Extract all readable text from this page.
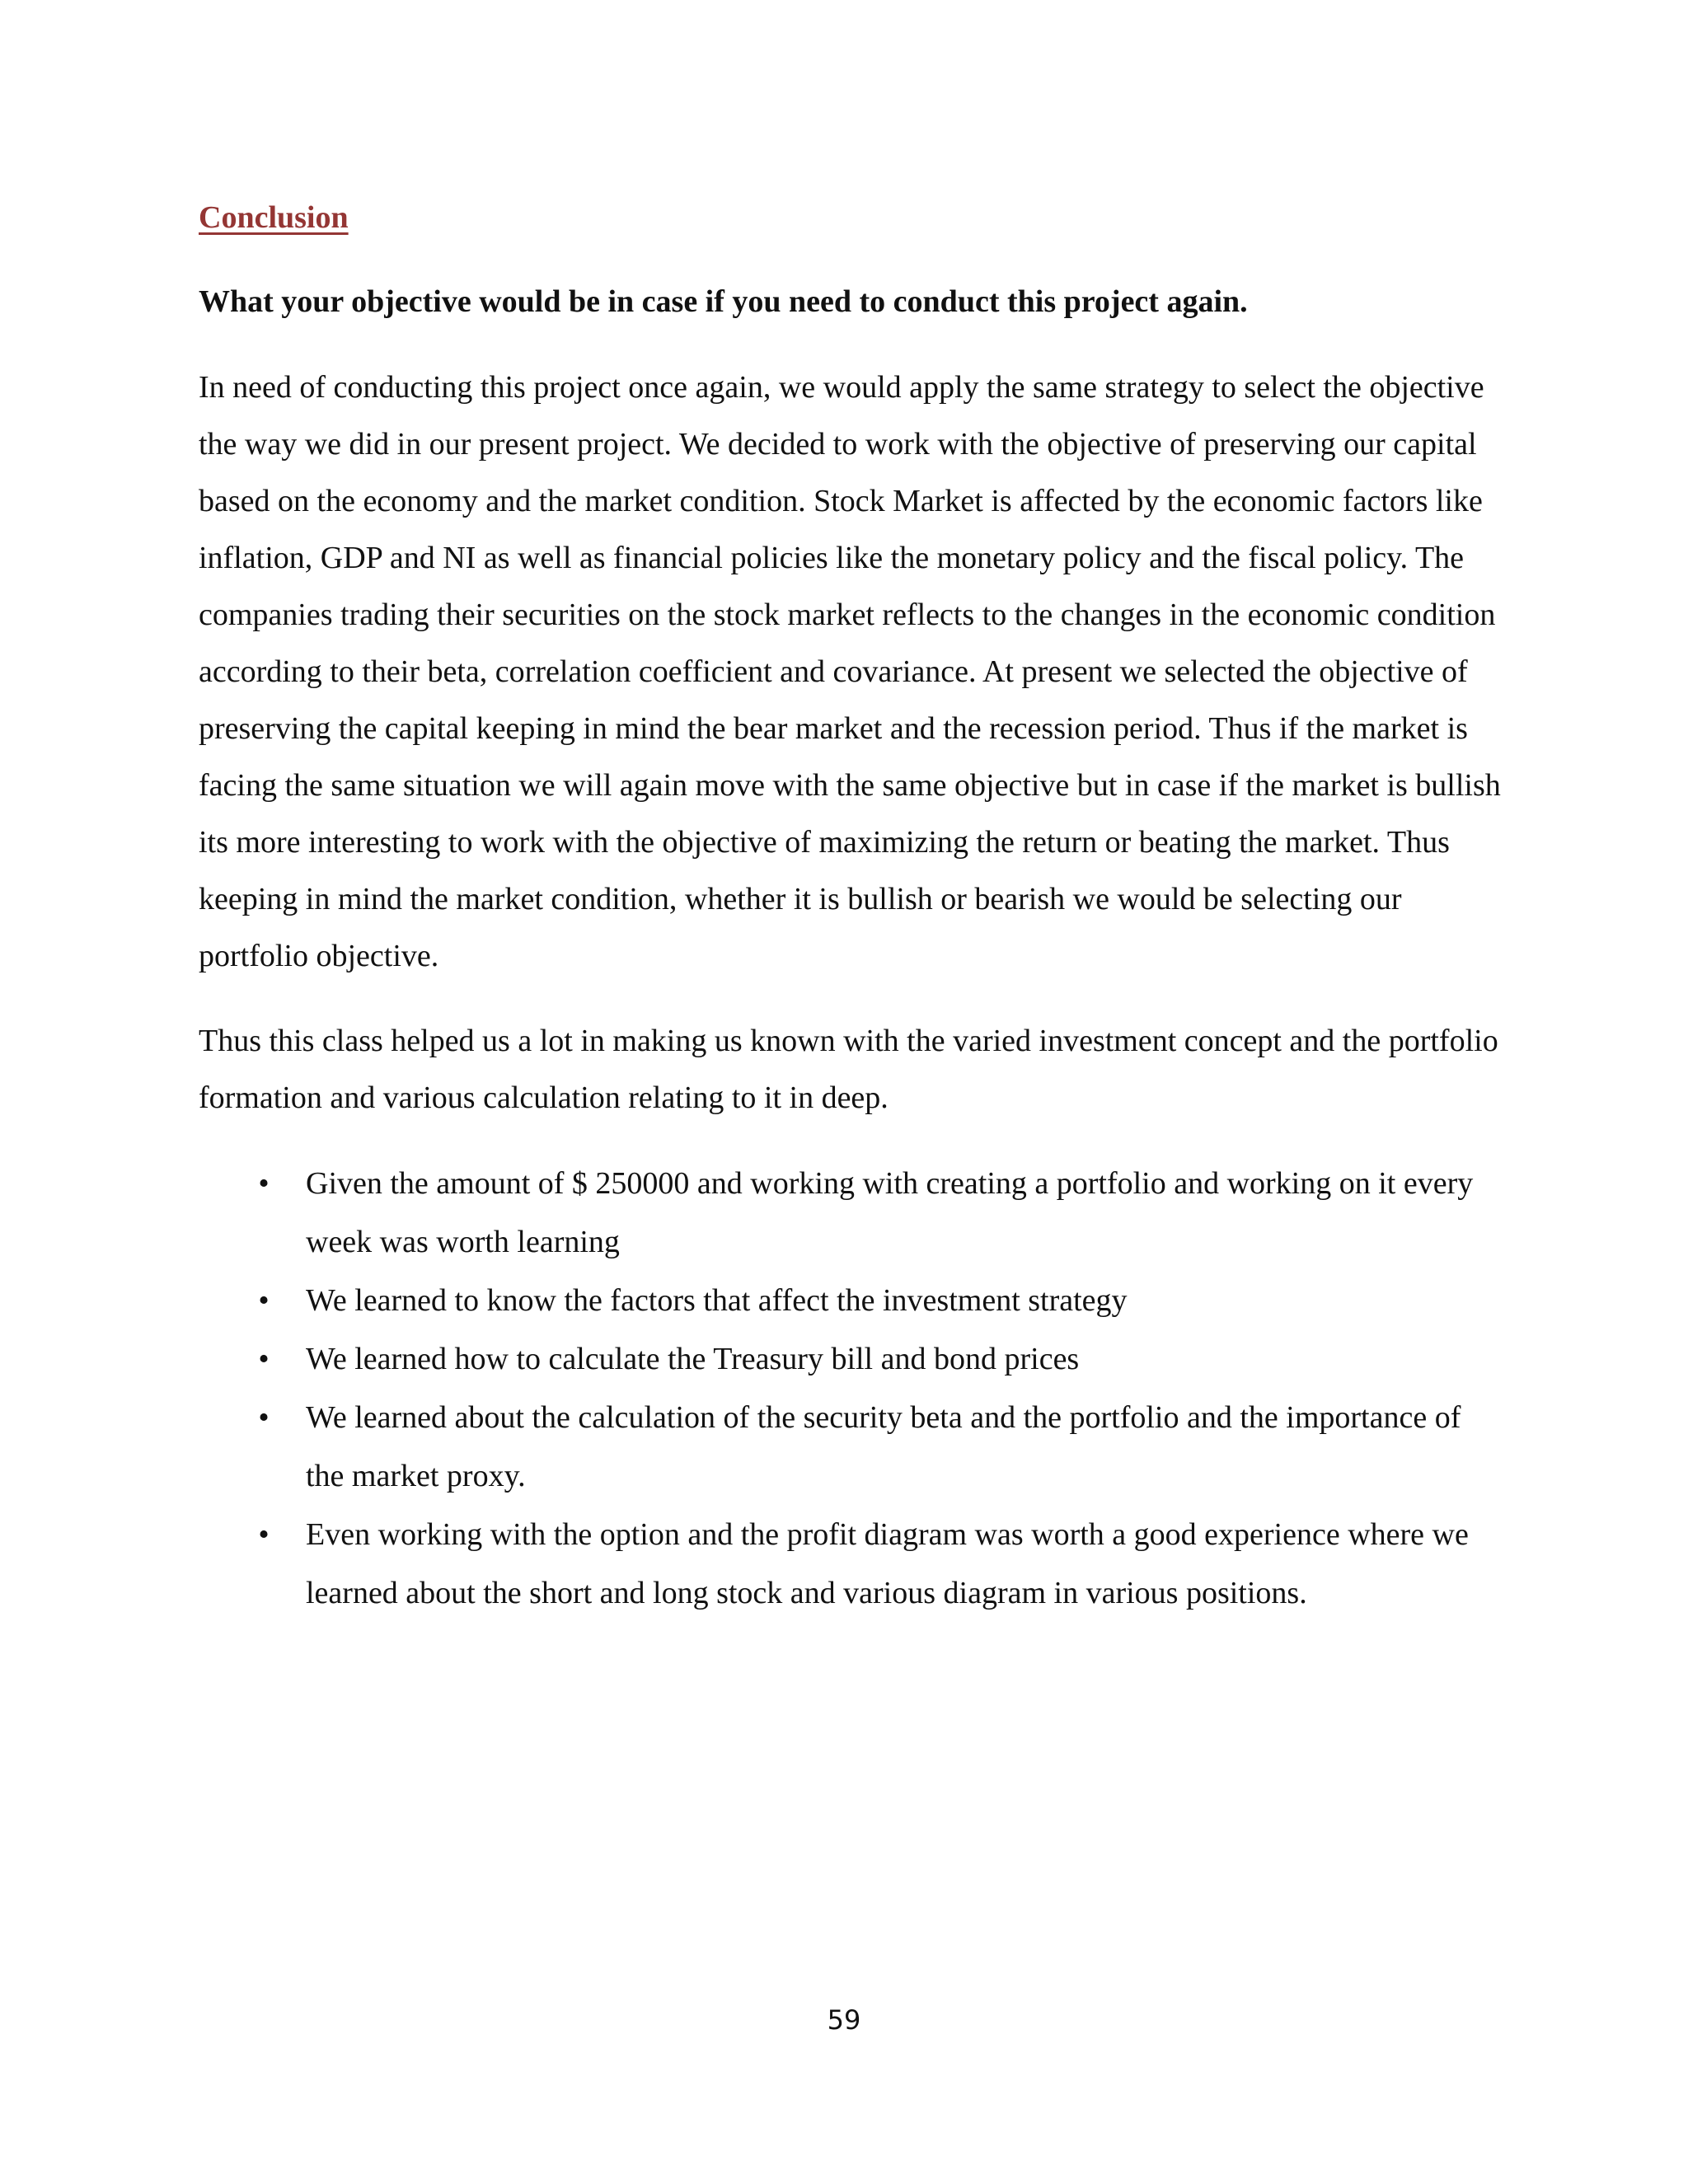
Conclusion

What your objective would be in case if you need to conduct this project again.

In need of conducting this project once again, we would apply the same strategy to select the objective the way we did in our present project. We decided to work with the objective of preserving our capital based on the economy and the market condition. Stock Market is affected by the economic factors like inflation, GDP and NI as well as financial policies like the monetary policy and the fiscal policy. The companies trading their securities on the stock market reflects to the changes in the economic condition according to their beta, correlation coefficient and covariance. At present we selected the objective of preserving the capital keeping in mind the bear market and the recession period. Thus if the market is facing the same situation we will again move with the same objective but in case if the market is bullish its more interesting to work with the objective of maximizing the return or beating the market. Thus keeping in mind the market condition, whether it is bullish or bearish we would be selecting our portfolio objective.

Thus this class helped us a lot in making us known with the varied investment concept and the portfolio formation and various calculation relating to it in deep.

• Given the amount of $ 250000 and working with creating a portfolio and working on it every week was worth learning
• We learned to know the factors that affect the investment strategy
• We learned how to calculate the Treasury bill and bond prices
• We learned about the calculation of the security beta and the portfolio and the importance of the market proxy.
• Even working with the option and the profit diagram was worth a good experience where we learned about the short and long stock and various diagram in various positions.
59
